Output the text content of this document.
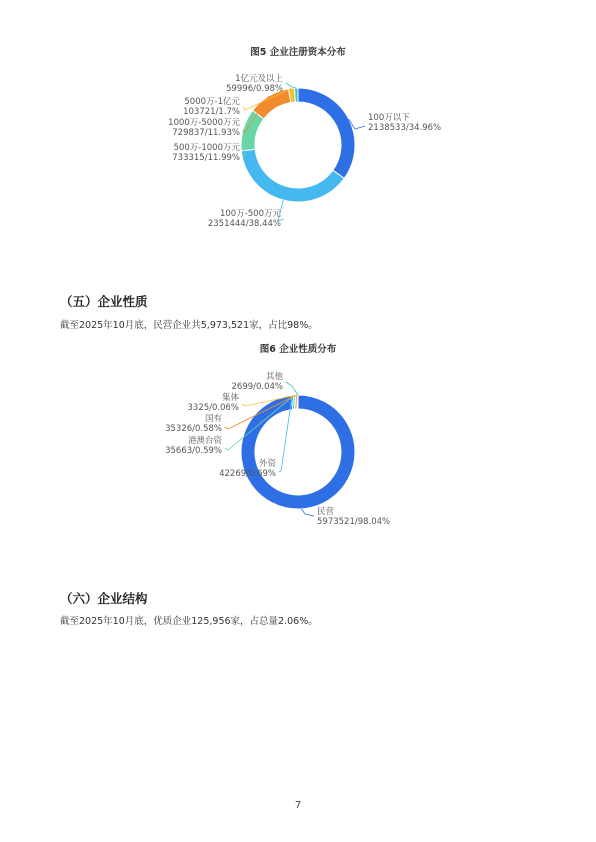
图5 企业注册资本分布
100万以下
2138533/34.96%
100万-500万元
2351444/38.44%
500万-1000万元
733315/11.99%
1000万-5000万元
729837/11.93%
5000万-1亿元
103721/1.7%
1亿元及以上
59996/0.98%
（五）企业性质
截至2025年10月底，民营企业共5,973,521家，占比98%。
图6 企业性质分布
民营
5973521/98.04%
外资
42269/0.69%
港澳台资
35663/0.59%
国有
35326/0.58%
集体
3325/0.06%
其他
2699/0.04%
（六）企业结构
截至2025年10月底，优质企业125,956家，占总量2.06%。
7
